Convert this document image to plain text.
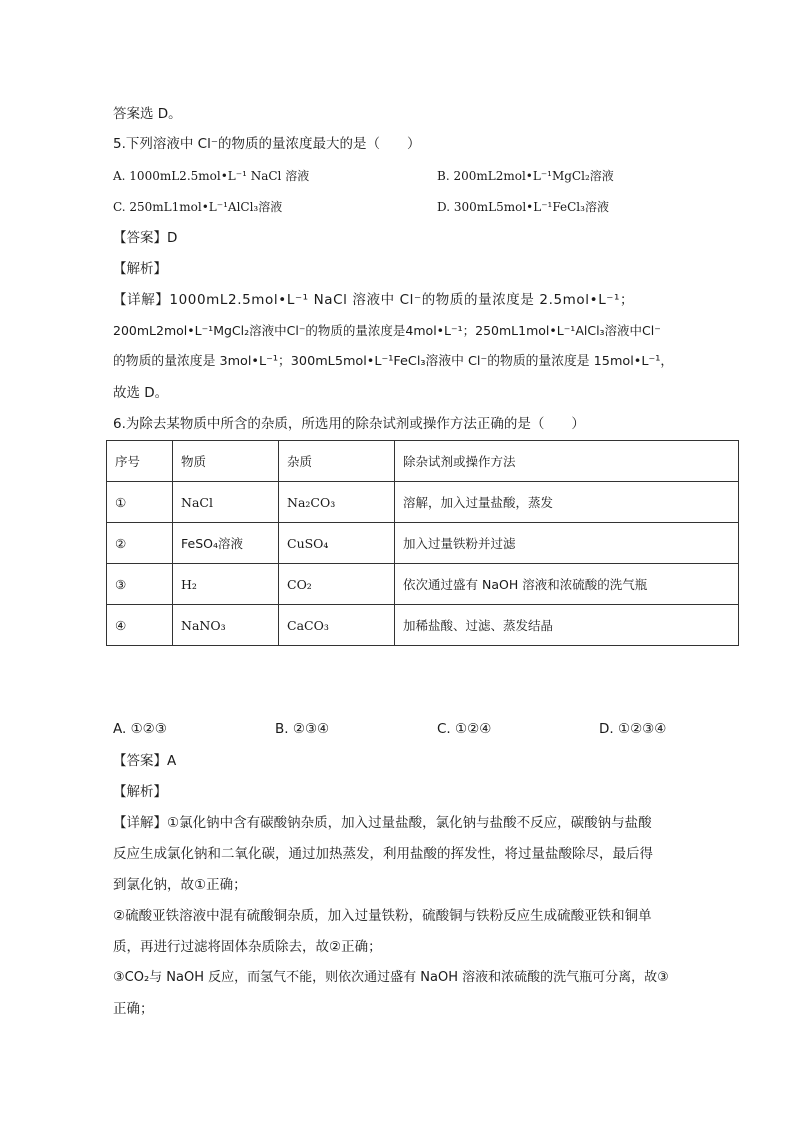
答案选 D。
5.下列溶液中 Cl⁻的物质的量浓度最大的是（　　）
A. 1000mL2.5mol•L⁻¹ NaCl 溶液	B. 200mL2mol•L⁻¹MgCl₂溶液
C. 250mL1mol•L⁻¹AlCl₃溶液	D. 300mL5mol•L⁻¹FeCl₃溶液
【答案】D
【解析】
【详解】1000mL2.5mol•L⁻¹ NaCl 溶液中 Cl⁻的物质的量浓度是 2.5mol•L⁻¹；
200mL2mol•L⁻¹MgCl₂溶液中Cl⁻的物质的量浓度是4mol•L⁻¹；250mL1mol•L⁻¹AlCl₃溶液中Cl⁻
的物质的量浓度是 3mol•L⁻¹；300mL5mol•L⁻¹FeCl₃溶液中 Cl⁻的物质的量浓度是 15mol•L⁻¹，
故选 D。
6.为除去某物质中所含的杂质，所选用的除杂试剂或操作方法正确的是（　　）
序号	物质	杂质	除杂试剂或操作方法
①	NaCl	Na₂CO₃	溶解，加入过量盐酸，蒸发
②	FeSO₄溶液	CuSO₄	加入过量铁粉并过滤
③	H₂	CO₂	依次通过盛有 NaOH 溶液和浓硫酸的洗气瓶
④	NaNO₃	CaCO₃	加稀盐酸、过滤、蒸发结晶
A. ①②③	B. ②③④	C. ①②④	D. ①②③④
【答案】A
【解析】
【详解】①氯化钠中含有碳酸钠杂质，加入过量盐酸，氯化钠与盐酸不反应，碳酸钠与盐酸
反应生成氯化钠和二氧化碳，通过加热蒸发，利用盐酸的挥发性，将过量盐酸除尽，最后得
到氯化钠，故①正确；
②硫酸亚铁溶液中混有硫酸铜杂质，加入过量铁粉，硫酸铜与铁粉反应生成硫酸亚铁和铜单
质，再进行过滤将固体杂质除去，故②正确；
③CO₂与 NaOH 反应，而氢气不能，则依次通过盛有 NaOH 溶液和浓硫酸的洗气瓶可分离，故③
正确；
